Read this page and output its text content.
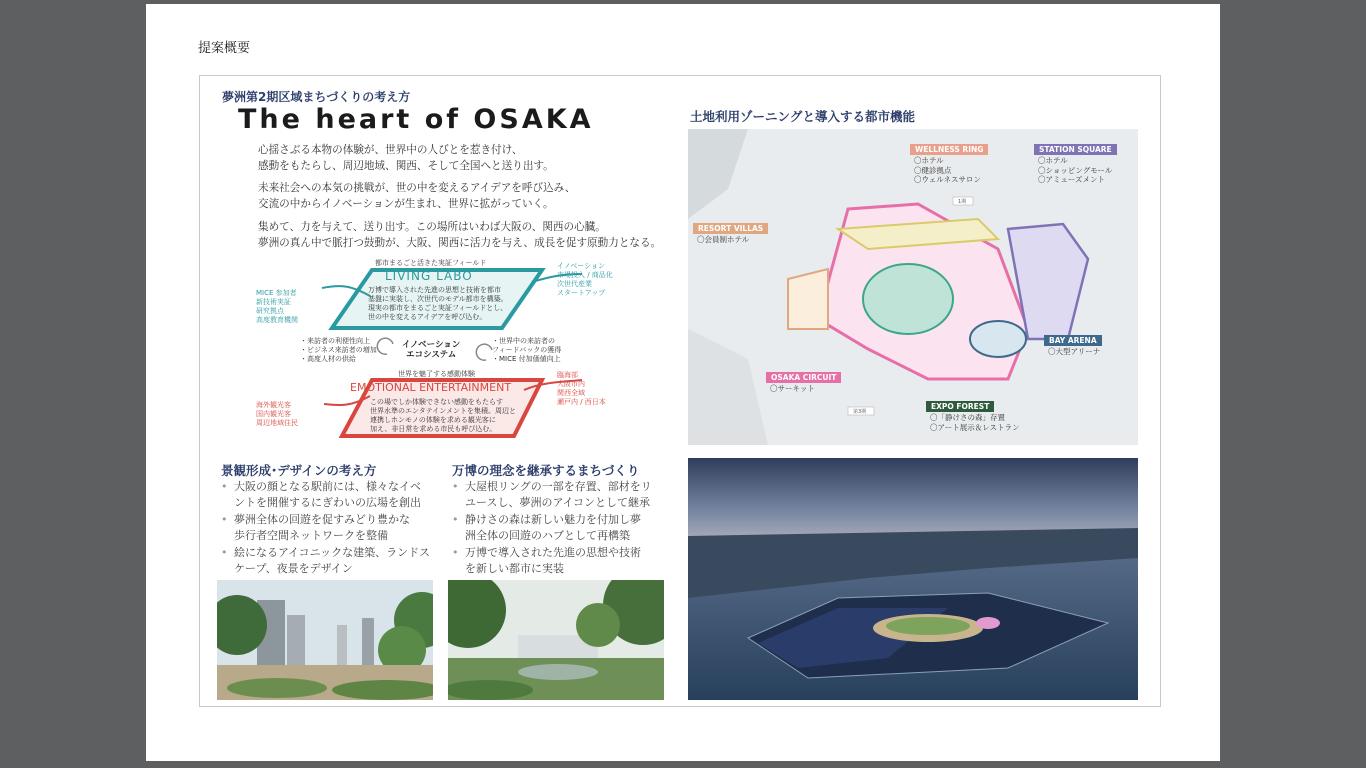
提案概要
夢洲第2期区域まちづくりの考え方
The heart of OSAKA
心揺さぶる本物の体験が、世界中の人びとを惹き付け、
感動をもたらし、周辺地域、関西、そして全国へと送り出す。
未来社会への本気の挑戦が、世の中を変えるアイデアを呼び込み、
交流の中からイノベーションが生まれ、世界に拡がっていく。
集めて、力を与えて、送り出す。この場所はいわば大阪の、関西の心臓。
夢洲の真ん中で脈打つ鼓動が、大阪、関西に活力を与え、成長を促す原動力となる。
都市まるごと活きた実証フィールド
LIVING LABO
万博で導入された先進の思想と技術を都市
基盤に実装し、次世代のモデル都市を構築。
現実の都市をまるごと実証フィールドとし、
世の中を変えるアイデアを呼び込む。
MICE 参加者
新技術実証
研究拠点
高度教育機関
イノベーション
市場投入 / 商品化
次世代産業
スタートアップ
イノベーション
エコシステム
・来訪者の利便性向上
・ビジネス来訪者の増加
・高度人材の供給
・世界中の来訪者の
フィードバックの獲得
・MICE 付加価値向上
世界を魅了する感動体験
EMOTIONAL ENTERTAINMENT
この場でしか体験できない感動をもたらす
世界水準のエンタテインメントを集積。周辺と
連携しホンモノの体験を求める観光客に
加え、非日常を求める市民も呼び込む。
海外観光客
国内観光客
周辺地域住民
臨海部
大阪市内
関西全域
瀬戸内 / 西日本
景観形成･デザインの考え方
• 大阪の顔となる駅前には、様々なイベ
ントを開催するにぎわいの広場を創出
• 夢洲全体の回遊を促すみどり豊かな
歩行者空間ネットワークを整備
• 絵になるアイコニックな建築、ランドス
ケープ、夜景をデザイン
万博の理念を継承するまちづくり
• 大屋根リングの一部を存置、部材をリ
ユースし、夢洲のアイコンとして継承
• 静けさの森は新しい魅力を付加し夢
洲全体の回遊のハブとして再構築
• 万博で導入された先進の思想や技術
を新しい都市に実装
土地利用ゾーニングと導入する都市機能
1期
第3期
WELLNESS RING
〇ホテル
〇健診拠点
〇ウェルネスサロン
STATION SQUARE
〇ホテル
〇ショッピングモール
〇アミューズメント
RESORT VILLAS
〇会員制ホテル
BAY ARENA
〇大型アリーナ
OSAKA CIRCUIT
〇サーキット
EXPO FOREST
〇「静けさの森」存置
〇アート展示＆レストラン
